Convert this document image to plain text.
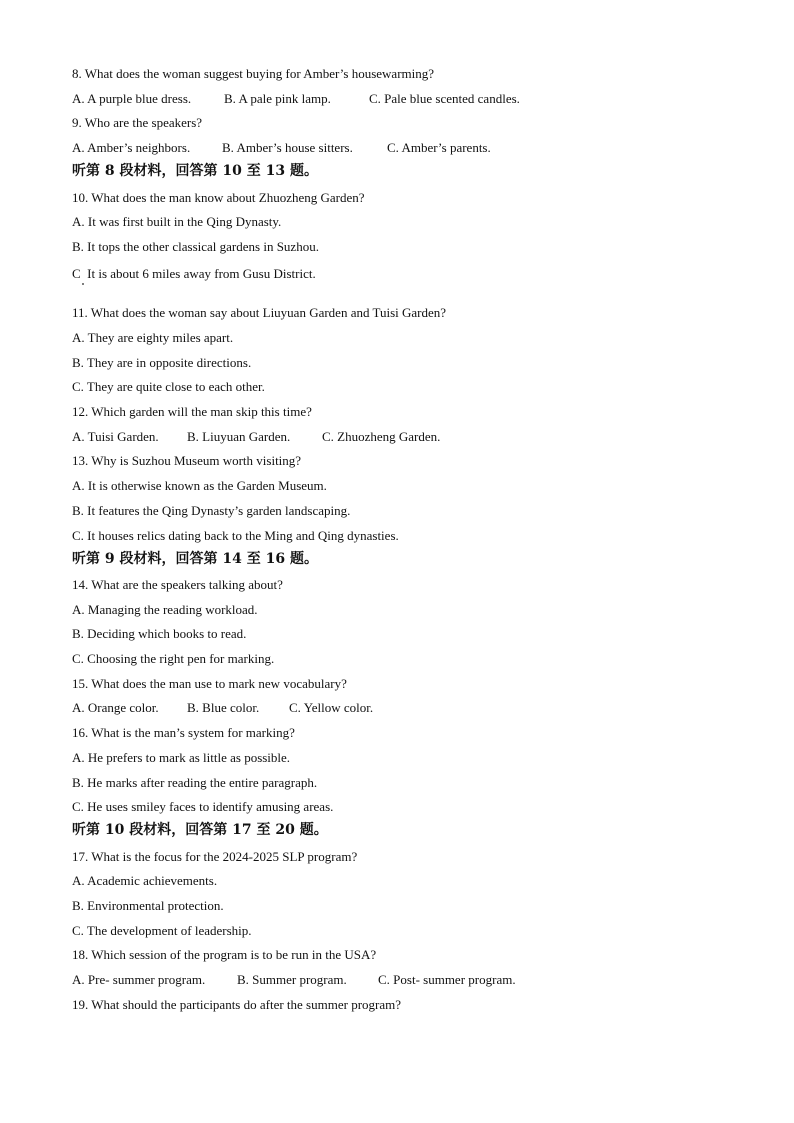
8. What does the woman suggest buying for Amber’s housewarming?
A. A purple blue dress.	B. A pale pink lamp.	C. Pale blue scented candles.
9. Who are the speakers?
A. Amber’s neighbors. B. Amber’s house sitters.	C. Amber’s parents.
听第 8 段材料，回答第 10 至 13 题。
10. What does the man know about Zhuozheng Garden?
A. It was first built in the Qing Dynasty.
B. It tops the other classical gardens in Suzhou.
C  It is about 6 miles away from Gusu District.
11. What does the woman say about Liuyuan Garden and Tuisi Garden?
A. They are eighty miles apart.
B. They are in opposite directions.
C. They are quite close to each other.
12. Which garden will the man skip this time?
A. Tuisi Garden. B. Liuyuan Garden. C. Zhuozheng Garden.
13. Why is Suzhou Museum worth visiting?
A. It is otherwise known as the Garden Museum.
B. It features the Qing Dynasty’s garden landscaping.
C. It houses relics dating back to the Ming and Qing dynasties.
听第 9 段材料，回答第 14 至 16 题。
14. What are the speakers talking about?
A. Managing the reading workload.
B. Deciding which books to read.
C. Choosing the right pen for marking.
15. What does the man use to mark new vocabulary?
A. Orange color. B. Blue color. C. Yellow color.
16. What is the man’s system for marking?
A. He prefers to mark as little as possible.
B. He marks after reading the entire paragraph.
C. He uses smiley faces to identify amusing areas.
听第 10 段材料，回答第 17 至 20 题。
17. What is the focus for the 2024-2025 SLP program?
A. Academic achievements.
B. Environmental protection.
C. The development of leadership.
18. Which session of the program is to be run in the USA?
A. Pre- summer program. B. Summer program. C. Post- summer program.
19. What should the participants do after the summer program?
